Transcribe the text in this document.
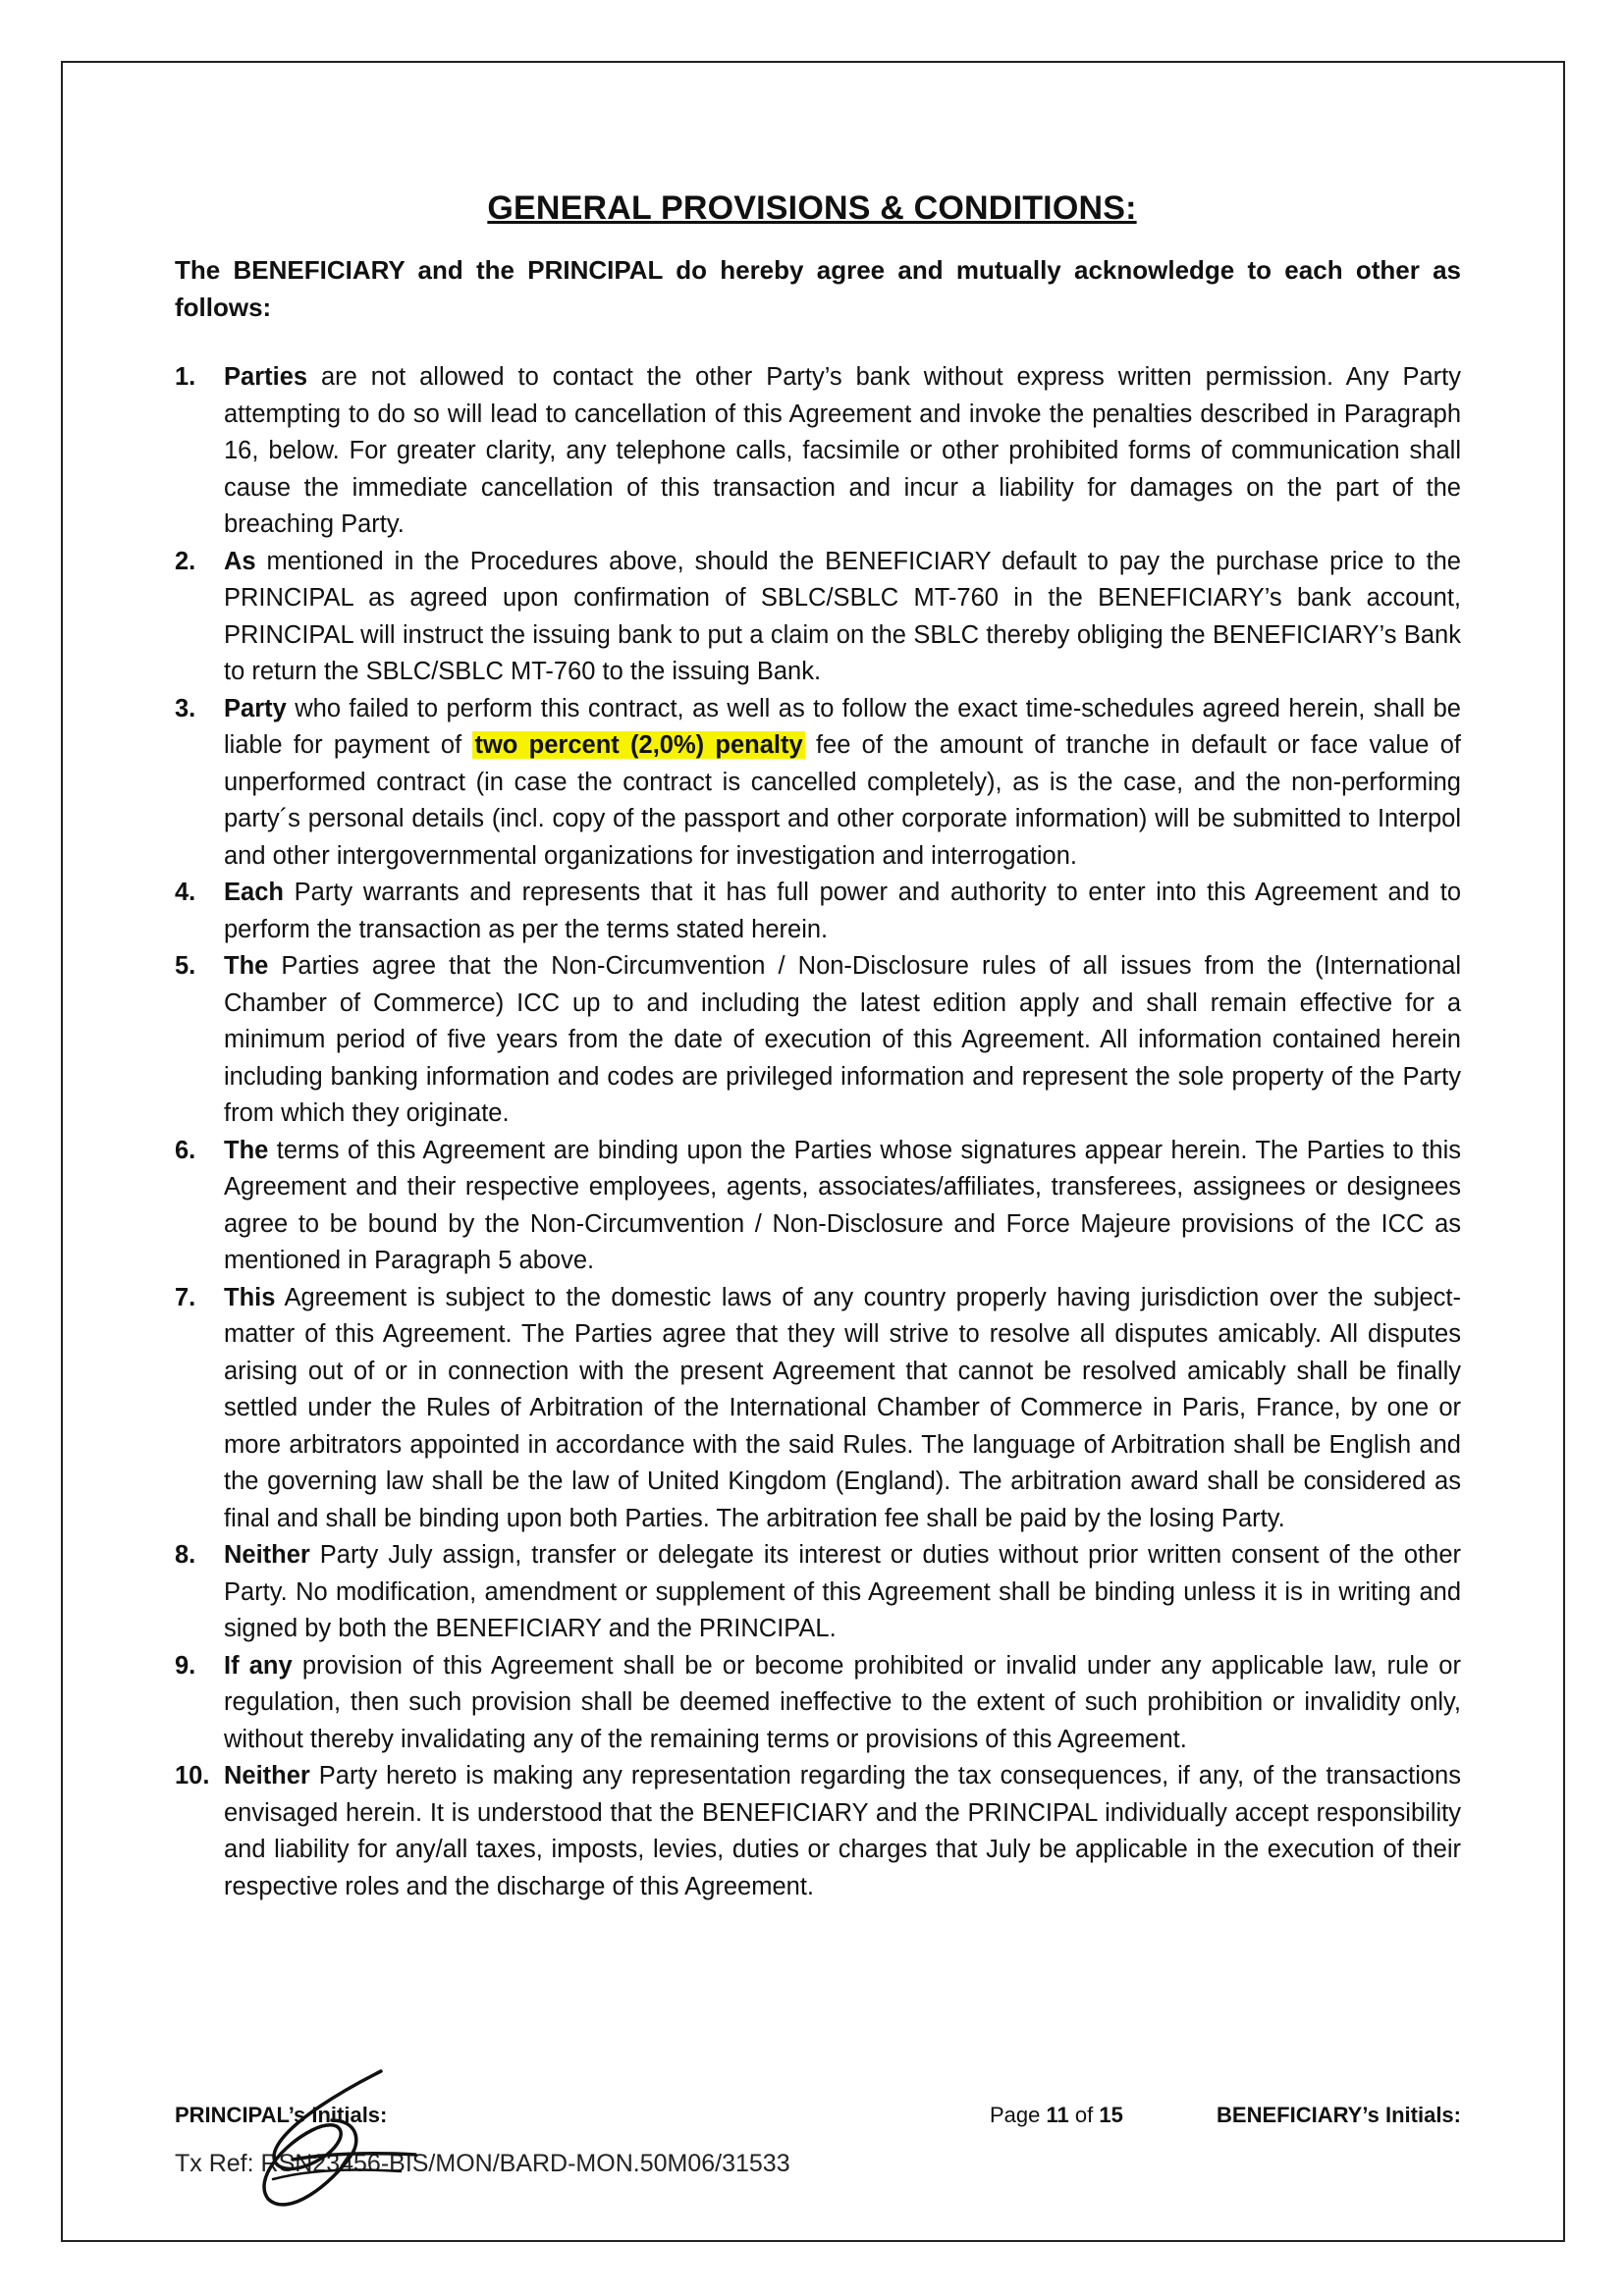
GENERAL PROVISIONS & CONDITIONS:
The BENEFICIARY and the PRINCIPAL do hereby agree and mutually acknowledge to each other as follows:
1. Parties are not allowed to contact the other Party’s bank without express written permission. Any Party attempting to do so will lead to cancellation of this Agreement and invoke the penalties described in Paragraph 16, below. For greater clarity, any telephone calls, facsimile or other prohibited forms of communication shall cause the immediate cancellation of this transaction and incur a liability for damages on the part of the breaching Party.
2. As mentioned in the Procedures above, should the BENEFICIARY default to pay the purchase price to the PRINCIPAL as agreed upon confirmation of SBLC/SBLC MT-760 in the BENEFICIARY’s bank account, PRINCIPAL will instruct the issuing bank to put a claim on the SBLC thereby obliging the BENEFICIARY’s Bank to return the SBLC/SBLC MT-760 to the issuing Bank.
3. Party who failed to perform this contract, as well as to follow the exact time-schedules agreed herein, shall be liable for payment of two percent (2,0%) penalty fee of the amount of tranche in default or face value of unperformed contract (in case the contract is cancelled completely), as is the case, and the non-performing party´s personal details (incl. copy of the passport and other corporate information) will be submitted to Interpol and other intergovernmental organizations for investigation and interrogation.
4. Each Party warrants and represents that it has full power and authority to enter into this Agreement and to perform the transaction as per the terms stated herein.
5. The Parties agree that the Non-Circumvention / Non-Disclosure rules of all issues from the (International Chamber of Commerce) ICC up to and including the latest edition apply and shall remain effective for a minimum period of five years from the date of execution of this Agreement. All information contained herein including banking information and codes are privileged information and represent the sole property of the Party from which they originate.
6. The terms of this Agreement are binding upon the Parties whose signatures appear herein. The Parties to this Agreement and their respective employees, agents, associates/affiliates, transferees, assignees or designees agree to be bound by the Non-Circumvention / Non-Disclosure and Force Majeure provisions of the ICC as mentioned in Paragraph 5 above.
7. This Agreement is subject to the domestic laws of any country properly having jurisdiction over the subject-matter of this Agreement. The Parties agree that they will strive to resolve all disputes amicably. All disputes arising out of or in connection with the present Agreement that cannot be resolved amicably shall be finally settled under the Rules of Arbitration of the International Chamber of Commerce in Paris, France, by one or more arbitrators appointed in accordance with the said Rules. The language of Arbitration shall be English and the governing law shall be the law of United Kingdom (England). The arbitration award shall be considered as final and shall be binding upon both Parties. The arbitration fee shall be paid by the losing Party.
8. Neither Party July assign, transfer or delegate its interest or duties without prior written consent of the other Party. No modification, amendment or supplement of this Agreement shall be binding unless it is in writing and signed by both the BENEFICIARY and the PRINCIPAL.
9. If any provision of this Agreement shall be or become prohibited or invalid under any applicable law, rule or regulation, then such provision shall be deemed ineffective to the extent of such prohibition or invalidity only, without thereby invalidating any of the remaining terms or provisions of this Agreement.
10. Neither Party hereto is making any representation regarding the tax consequences, if any, of the transactions envisaged herein. It is understood that the BENEFICIARY and the PRINCIPAL individually accept responsibility and liability for any/all taxes, imposts, levies, duties or charges that July be applicable in the execution of their respective roles and the discharge of this Agreement.
PRINCIPAL’s Initials:	Page 11 of 15	BENEFICIARY’s Initials:
Tx Ref: RSN23456-BIS/MON/BARD-MON.50M06/31533
